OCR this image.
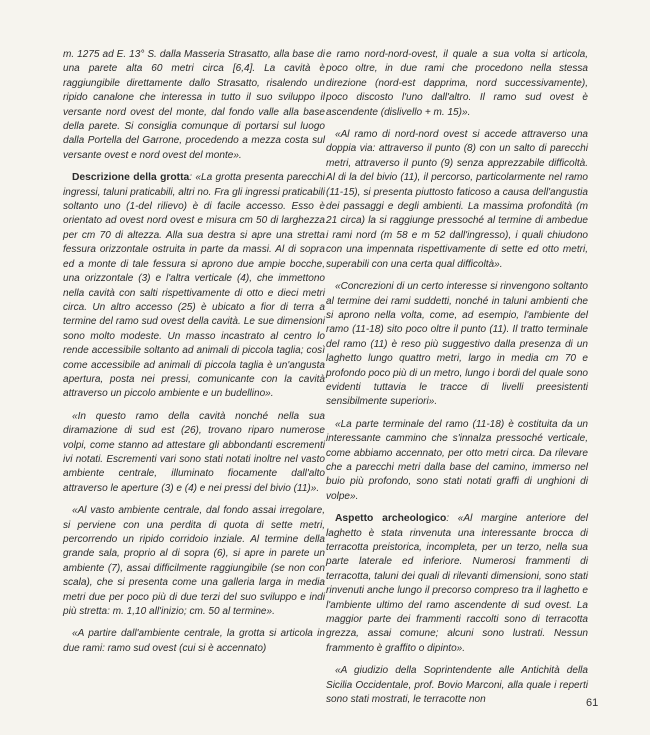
m. 1275 ad E. 13° S. dalla Masseria Strasatto, alla base di una parete alta 60 metri circa [6,4]. La cavità è raggiungibile direttamente dallo Strasatto, risalendo un ripido canalone che interessa in tutto il suo sviluppo il versante nord ovest del monte, dal fondo valle alla base della parete. Si consiglia comunque di portarsi sul luogo dalla Portella del Garrone, procedendo a mezza costa sul versante ovest e nord ovest del monte».

Descrizione della grotta: «La grotta presenta parecchi ingressi, taluni praticabili, altri no. Fra gli ingressi praticabili soltanto uno (1-del rilievo) è di facile accesso. Esso è orientato ad ovest nord ovest e misura cm 50 di larghezza per cm 70 di altezza. Alla sua destra si apre una stretta fessura orizzontale ostruita in parte da massi. Al di sopra ed a monte di tale fessura si aprono due ampie bocche, una orizzontale (3) e l'altra verticale (4), che immettono nella cavità con salti rispettivamente di otto e dieci metri circa. Un altro accesso (25) è ubicato a fior di terra a termine del ramo sud ovest della cavità. Le sue dimensioni sono molto modeste. Un masso incastrato al centro lo rende accessibile soltanto ad animali di piccola taglia; così come accessibile ad animali di piccola taglia è un'angusta apertura, posta nei pressi, comunicante con la cavità attraverso un piccolo ambiente e un budellino».

«In questo ramo della cavità nonché nella sua diramazione di sud est (26), trovano riparo numerose volpi, come stanno ad attestare gli abbondanti escrementi ivi notati. Escrementi vari sono stati notati inoltre nel vasto ambiente centrale, illuminato fiocamente dall'alto attraverso le aperture (3) e (4) e nei pressi del bivio (11)».

«Al vasto ambiente centrale, dal fondo assai irregolare, si perviene con una perdita di quota di sette metri, percorrendo un ripido corridoio inziale. Al termine della grande sala, proprio al di sopra (6), si apre in parete un ambiente (7), assai difficilmente raggiungibile (se non con scala), che si presenta come una galleria larga in media metri due per poco più di due terzi del suo sviluppo e indi più stretta: m. 1,10 all'inizio; cm. 50 al termine».

«A partire dall'ambiente centrale, la grotta si articola in due rami: ramo sud ovest (cui si è accennato)

e ramo nord-nord-ovest, il quale a sua volta si articola, poco oltre, in due rami che procedono nella stessa direzione (nord-est dapprima, nord successivamente), poco discosto l'uno dall'altro. Il ramo sud ovest è ascendente (dislivello + m. 15)».

«Al ramo di nord-nord ovest si accede attraverso una doppia via: attraverso il punto (8) con un salto di parecchi metri, attraverso il punto (9) senza apprezzabile difficoltà. Al di la del bivio (11), il percorso, particolarmente nel ramo (11-15), si presenta piuttosto faticoso a causa dell'angustia dei passaggi e degli ambienti. La massima profondità (m 21 circa) la si raggiunge pressoché al termine di ambedue i rami nord (m 58 e m 52 dall'ingresso), i quali chiudono con una impennata rispettivamente di sette ed otto metri, superabili con una certa qual difficoltà».

«Concrezioni di un certo interesse si rinvengono soltanto al termine dei rami suddetti, nonché in taluni ambienti che si aprono nella volta, come, ad esempio, l'ambiente del ramo (11-18) sito poco oltre il punto (11). Il tratto terminale del ramo (11) è reso più suggestivo dalla presenza di un laghetto lungo quattro metri, largo in media cm 70 e profondo poco più di un metro, lungo i bordi del quale sono evidenti tuttavia le tracce di livelli preesistenti sensibilmente superiori».

«La parte terminale del ramo (11-18) è costituita da un interessante cammino che s'innalza pressoché verticale, come abbiamo accennato, per otto metri circa. Da rilevare che a parecchi metri dalla base del camino, immerso nel buio più profondo, sono stati notati graffi di unghioni di volpe».

Aspetto archeologico: «Al margine anteriore del laghetto è stata rinvenuta una interessante brocca di terracotta preistorica, incompleta, per un terzo, nella sua parte laterale ed inferiore. Numerosi frammenti di terracotta, taluni dei quali di rilevanti dimensioni, sono stati rinvenuti anche lungo il precorso compreso tra il laghetto e l'ambiente ultimo del ramo ascendente di sud ovest. La maggior parte dei frammenti raccolti sono di terracotta grezza, assai comune; alcuni sono lustrati. Nessun frammento è graffito o dipinto».

«A giudizio della Soprintendente alle Antichità della Sicilia Occidentale, prof. Bovio Marconi, alla quale i reperti sono stati mostrati, le terracotte non	61
